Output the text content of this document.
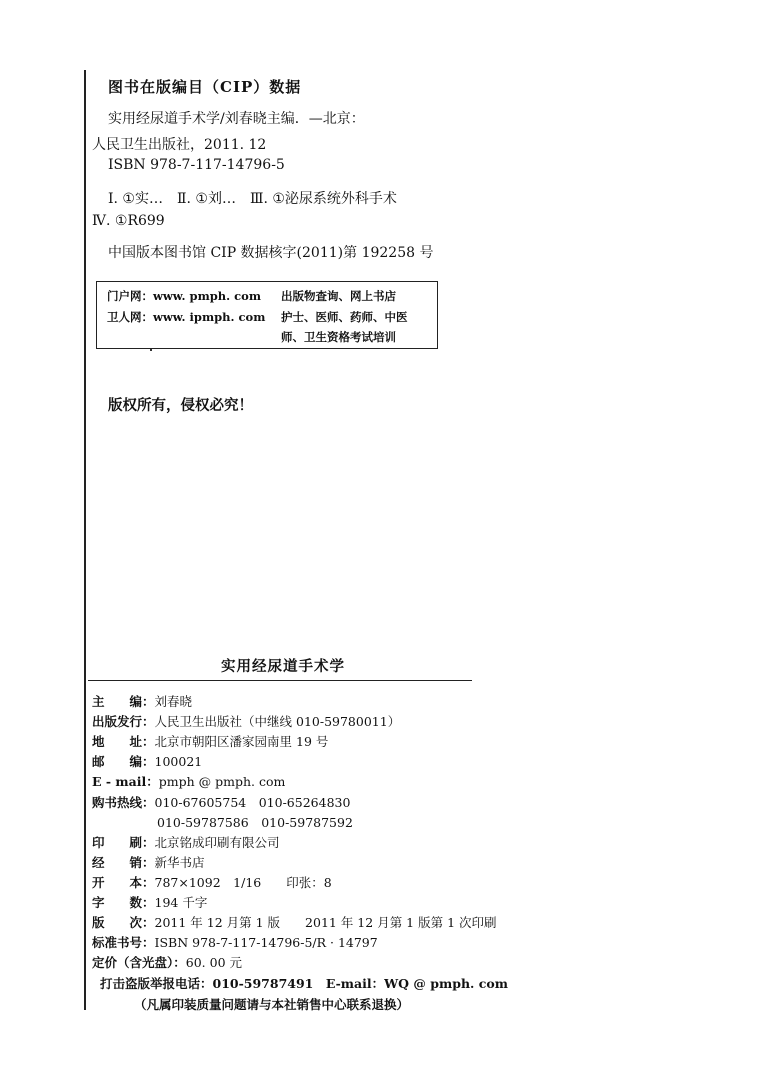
图书在版编目（CIP）数据
实用经尿道手术学/刘春晓主编．—北京：
人民卫生出版社，2011. 12
ISBN 978-7-117-14796-5
Ⅰ. ①实…　Ⅱ. ①刘…　Ⅲ. ①泌尿系统外科手术
Ⅳ. ①R699
中国版本图书馆 CIP 数据核字(2011)第 192258 号
门户网：www. pmph. com 出版物查询、网上书店
卫人网：www. ipmph. com 护士、医师、药师、中医
师、卫生资格考试培训
版权所有，侵权必究！
实用经尿道手术学
主　　编：刘春晓
出版发行：人民卫生出版社（中继线 010-59780011）
地　　址：北京市朝阳区潘家园南里 19 号
邮　　编：100021
E - mail：pmph @ pmph. com
购书热线：010-67605754　010-65264830
010-59787586　010-59787592
印　　刷：北京铭成印刷有限公司
经　　销：新华书店
开　　本：787×1092　1/16　　印张：8
字　　数：194 千字
版　　次：2011 年 12 月第 1 版　　2011 年 12 月第 1 版第 1 次印刷
标准书号：ISBN 978-7-117-14796-5/R · 14797
定价（含光盘）：60. 00 元
打击盗版举报电话：010-59787491　E-mail：WQ @ pmph. com
（凡属印装质量问题请与本社销售中心联系退换）
